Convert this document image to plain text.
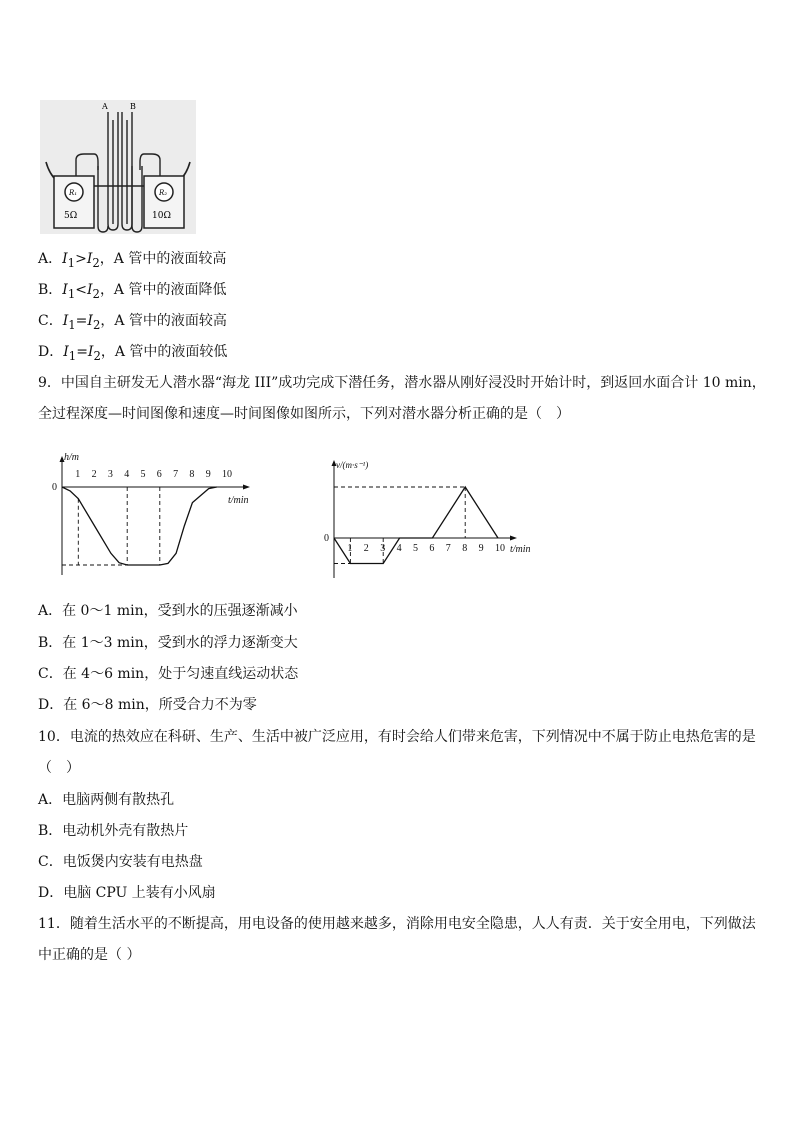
A	B
R₁	R₂
5Ω	10Ω
A．$I_1>I_2$，A 管中的液面较高
B．$I_1<I_2$，A 管中的液面降低
C．$I_1=I_2$，A 管中的液面较高
D．$I_1=I_2$，A 管中的液面较低
9．中国自主研发无人潜水器“海龙 III”成功完成下潜任务，潜水器从刚好浸没时开始计时，到返回水面合计 10 min，
全过程深度—时间图像和速度—时间图像如图所示，下列对潜水器分析正确的是（　）
h/m
t/min
0
1 2 3 4 5 6 7 8 9 10
v/(m·s⁻¹)
t/min
0
1 2 3 4 5 6 7 8 9 10
A．在 0～1 min，受到水的压强逐渐减小
B．在 1～3 min，受到水的浮力逐渐变大
C．在 4～6 min，处于匀速直线运动状态
D．在 6～8 min，所受合力不为零
10．电流的热效应在科研、生产、生活中被广泛应用，有时会给人们带来危害，下列情况中不属于防止电热危害的是
（　）
A．电脑两侧有散热孔
B．电动机外壳有散热片
C．电饭煲内安装有电热盘
D．电脑 CPU 上装有小风扇
11．随着生活水平的不断提高，用电设备的使用越来越多，消除用电安全隐患，人人有责．关于安全用电，下列做法
中正确的是（ ）
